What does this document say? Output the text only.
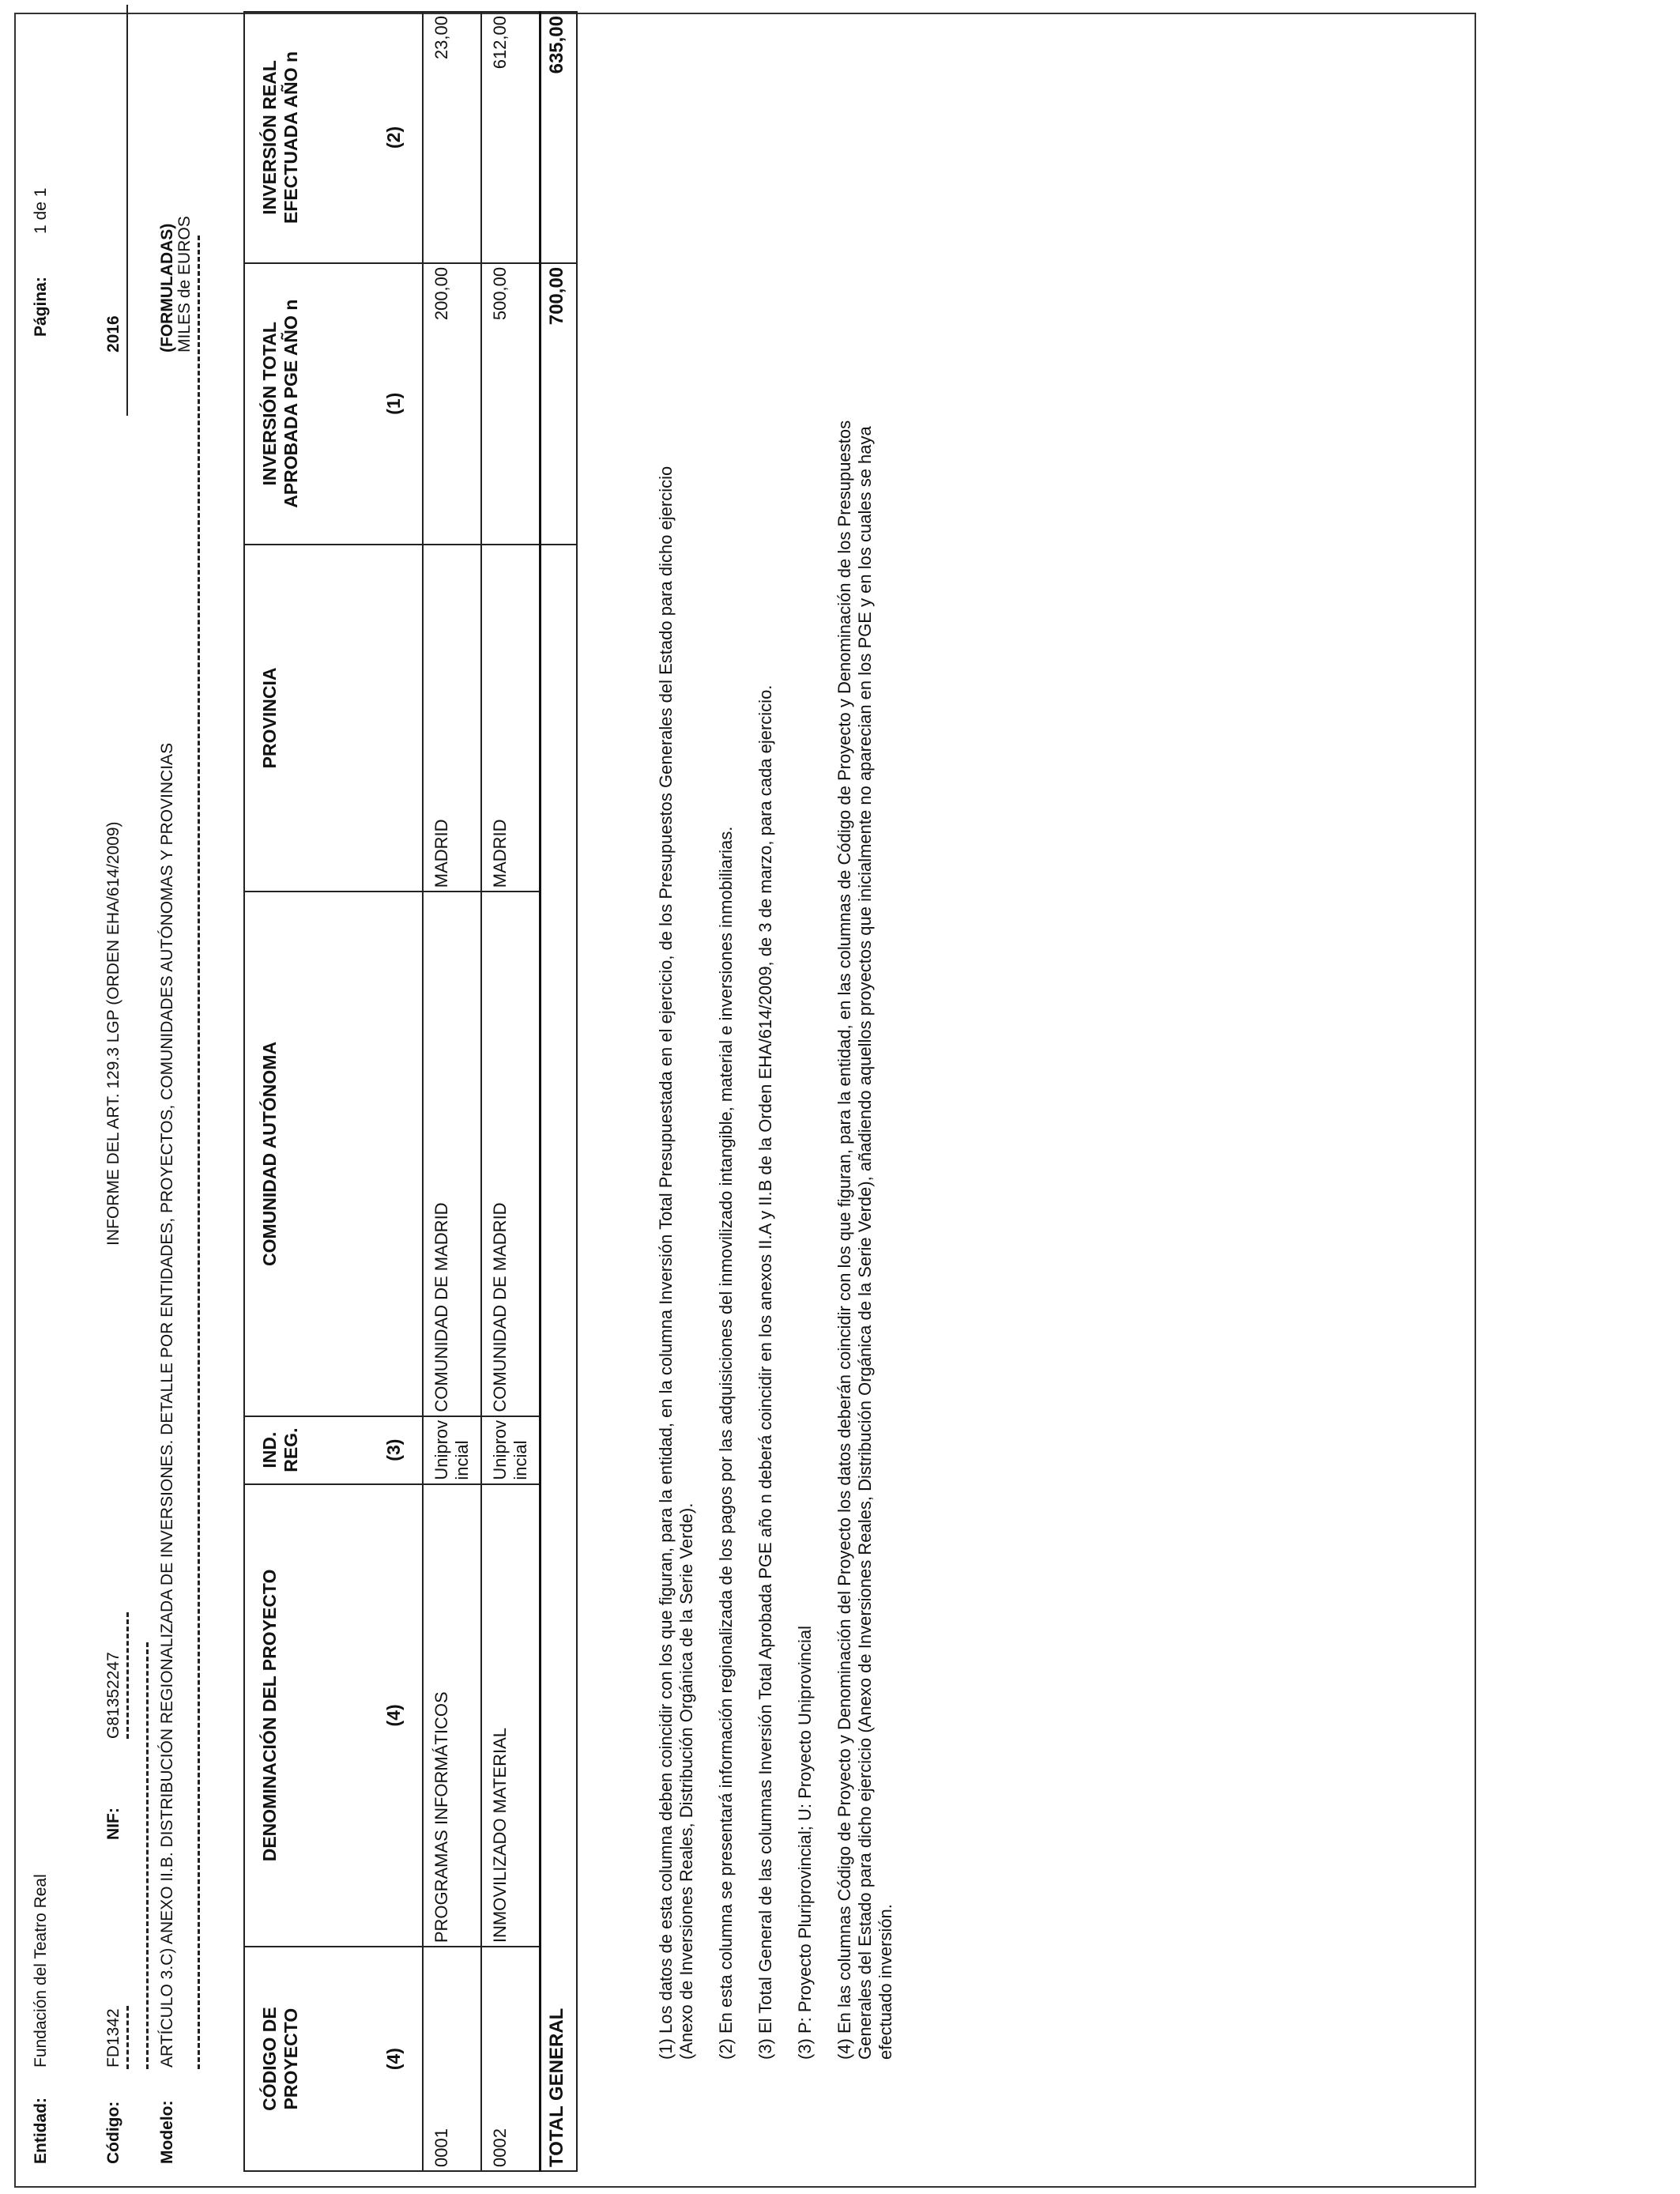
Entidad:
Fundación del Teatro Real
Página:
1 de 1
Código:
FD1342
NIF:
G81352247
INFORME DEL ART. 129.3 LGP (ORDEN EHA/614/2009)
2016
Modelo:
ARTÍCULO 3.C) ANEXO II.B. DISTRIBUCIÓN REGIONALIZADA DE INVERSIONES. DETALLE POR ENTIDADES, PROYECTOS, COMUNIDADES AUTÓNOMAS Y PROVINCIAS
(FORMULADAS) MILES de EUROS
CÓDIGO DE PROYECTO (4)	DENOMINACIÓN DEL PROYECTO (4)	IND. REG. (3)	COMUNIDAD AUTÓNOMA	PROVINCIA	INVERSIÓN TOTAL APROBADA PGE AÑO n (1)	INVERSIÓN REAL EFECTUADA AÑO n (2)

0001	PROGRAMAS INFORMÁTICOS	Uniprovincial	COMUNIDAD DE MADRID	MADRID	200,00	23,00
0002	INMOVILIZADO MATERIAL	Uniprovincial	COMUNIDAD DE MADRID	MADRID	500,00	612,00
TOTAL GENERAL					700,00	635,00
(1) Los datos de esta columna deben coincidir con los que figuran, para la entidad, en la columna Inversión Total Presupuestada en el ejercicio, de los Presupuestos Generales del Estado para dicho ejercicio
(Anexo de Inversiones Reales, Distribución Orgánica de la Serie Verde). (2) En esta columna se presentará información regionalizada de los pagos por las adquisiciones del inmovilizado intangible, material e inversiones inmobiliarias. (3) El Total General de las columnas Inversión Total Aprobada PGE año n deberá coincidir en los anexos II.A y II.B de la Orden EHA/614/2009, de 3 de marzo, para cada ejercicio. (3) P: Proyecto Pluriprovincial; U: Proyecto Uniprovincial (4) En las columnas Código de Proyecto y Denominación del Proyecto los datos deberán coincidir con los que figuran, para la entidad, en las columnas de Código de Proyecto y Denominación de los Presupuestos
Generales del Estado para dicho ejercicio (Anexo de Inversiones Reales, Distribución Orgánica de la Serie Verde), añadiendo aquellos proyectos que inicialmente no aparecian en los PGE y en los cuales se haya
efectuado inversión.
